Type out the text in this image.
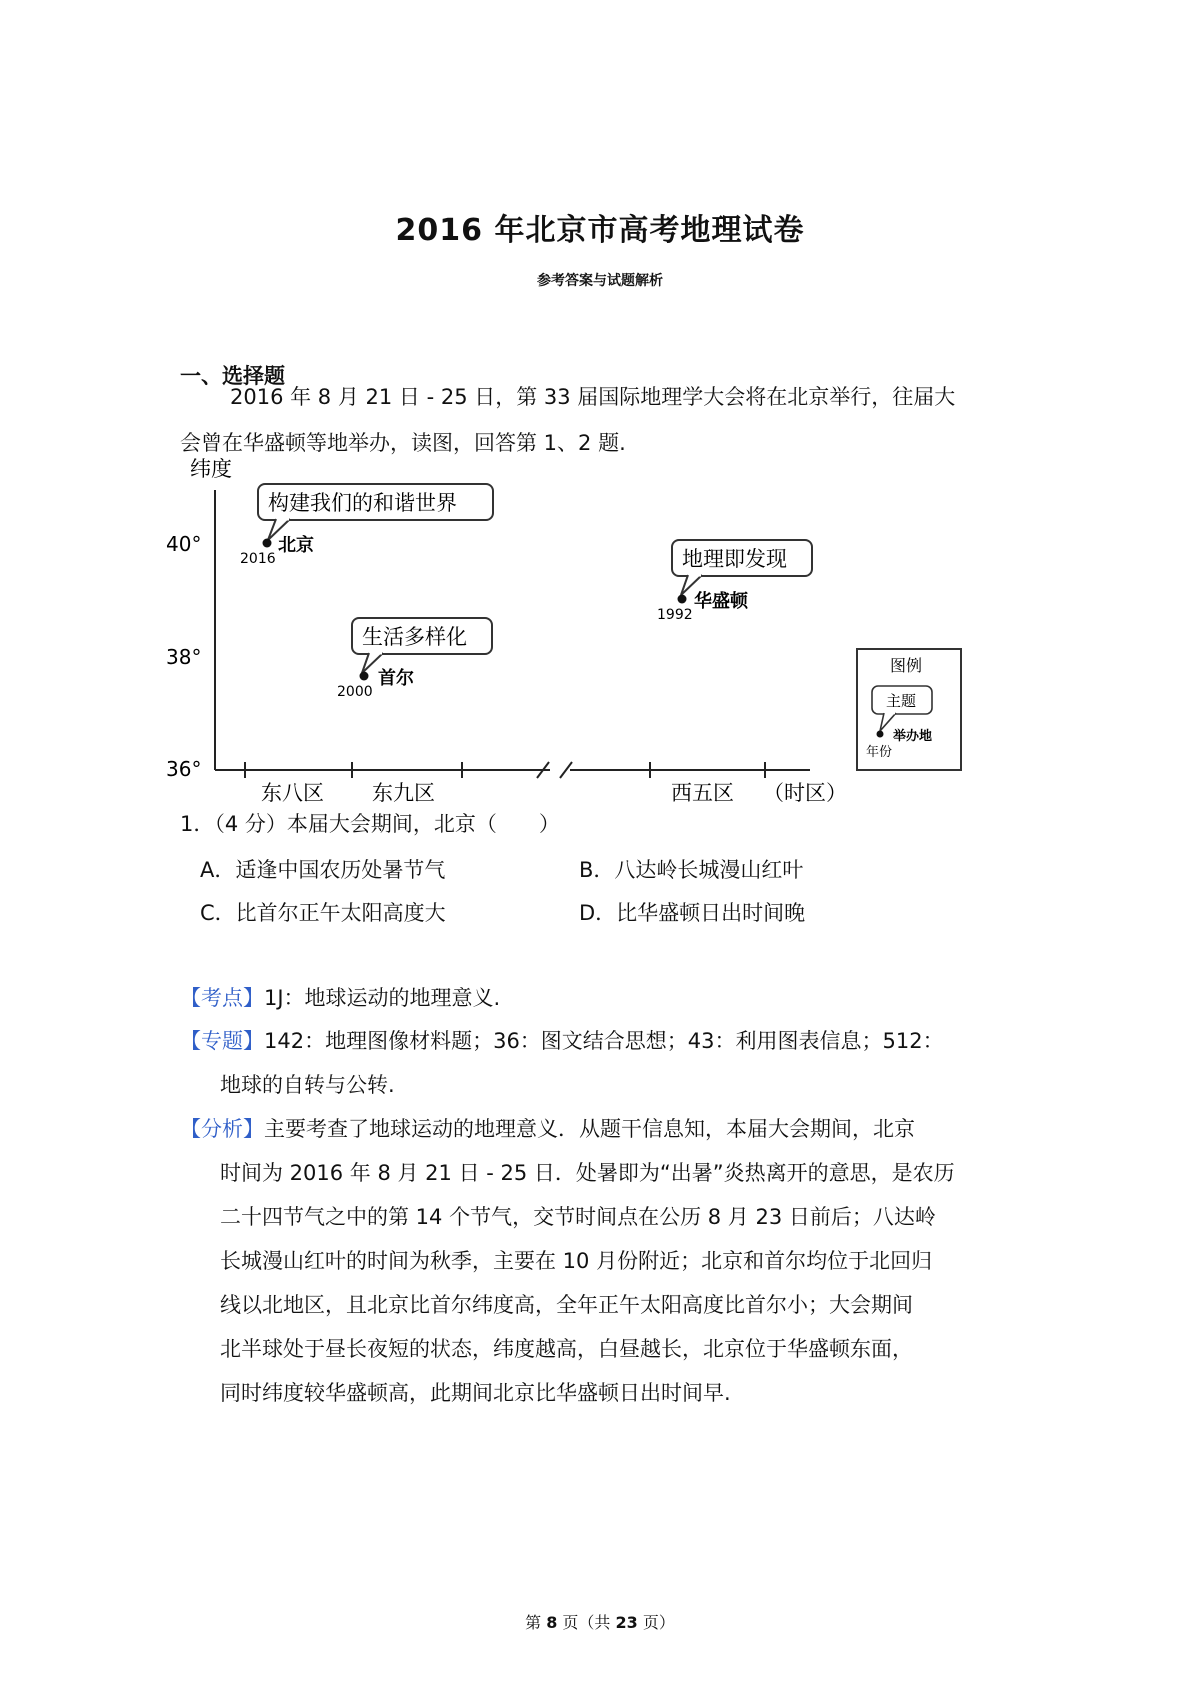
2016 年北京市高考地理试卷
参考答案与试题解析
一、选择题
2016 年 8 月 21 日 - 25 日，第 33 届国际地理学大会将在北京举行，往届大
会曾在华盛顿等地举办，读图，回答第 1、2 题.
纬度
40°
38°
36°
东八区 东九区	西五区 （时区）
构建我们的和谐世界
北京
2016
生活多样化
首尔
2000
地理即发现
华盛顿
1992
图例
主题
举办地
年份
1．（4 分）本届大会期间，北京（　　）
A．适逢中国农历处暑节气	B．八达岭长城漫山红叶
C．比首尔正午太阳高度大	D．比华盛顿日出时间晚
【考点】1J：地球运动的地理意义.
【专题】142：地理图像材料题；36：图文结合思想；43：利用图表信息；512：
地球的自转与公转.
【分析】主要考查了地球运动的地理意义．从题干信息知，本届大会期间，北京
时间为 2016 年 8 月 21 日 - 25 日．处暑即为“出暑”炎热离开的意思，是农历
二十四节气之中的第 14 个节气，交节时间点在公历 8 月 23 日前后；八达岭
长城漫山红叶的时间为秋季，主要在 10 月份附近；北京和首尔均位于北回归
线以北地区，且北京比首尔纬度高，全年正午太阳高度比首尔小；大会期间
北半球处于昼长夜短的状态，纬度越高，白昼越长，北京位于华盛顿东面，
同时纬度较华盛顿高，此期间北京比华盛顿日出时间早.
第 8 页（共 23 页）
